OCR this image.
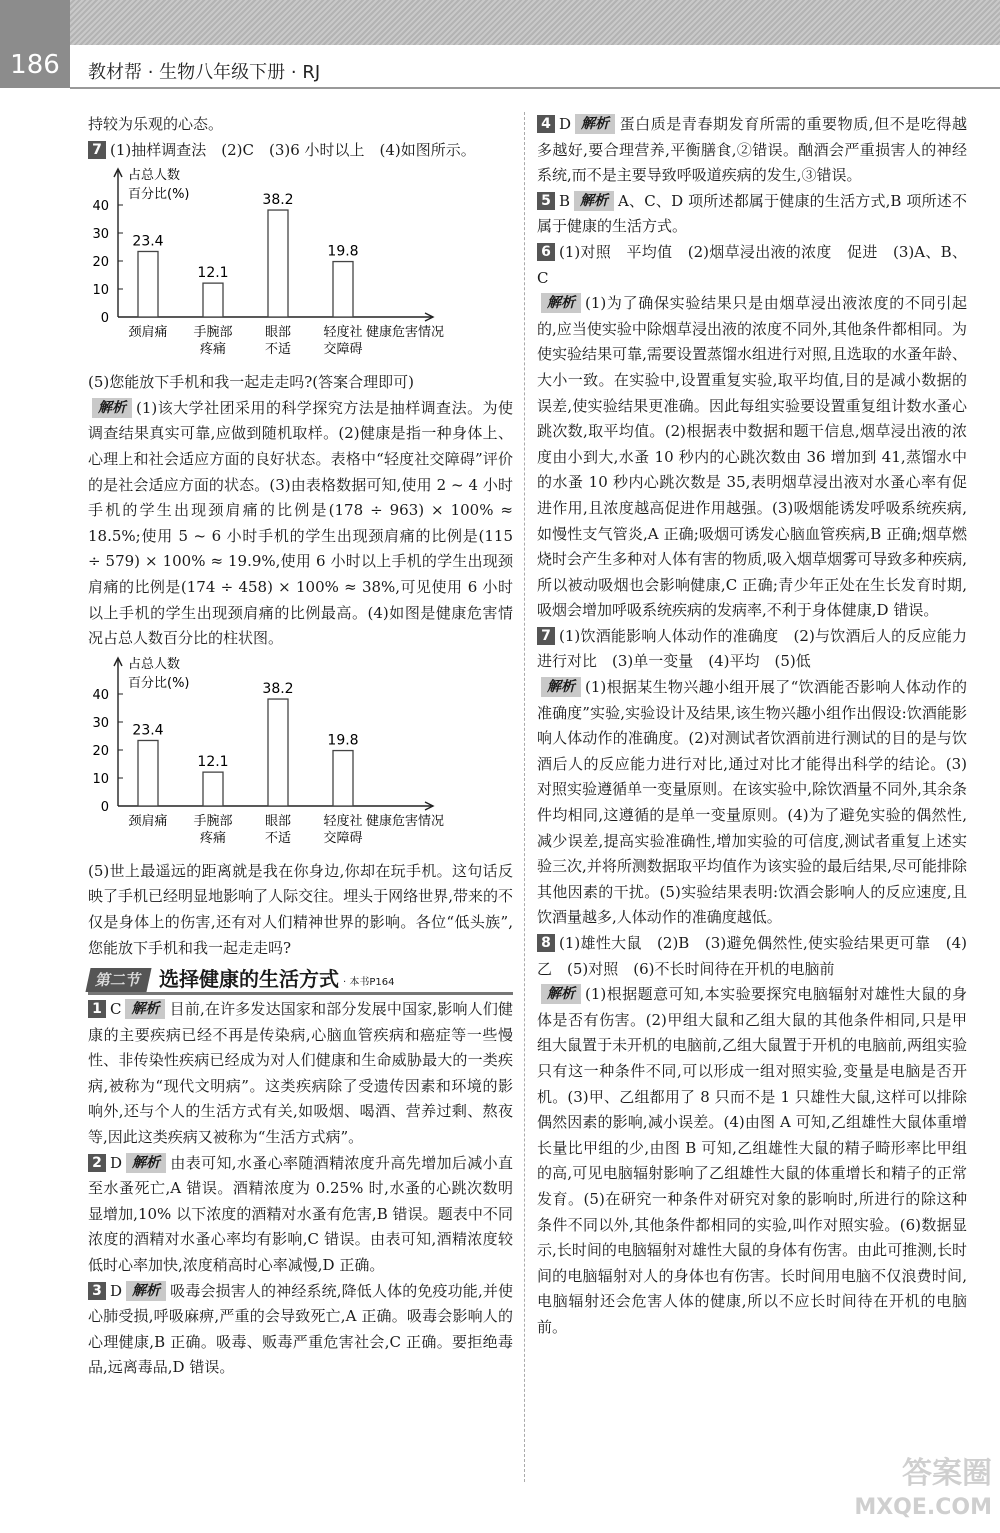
186	教材帮 · 生物八年级下册 · RJ

持较为乐观的心态。

7 (1)抽样调查法　(2)C　(3)6 小时以上　(4)如图所示。

占总人数
百分比(%)
0
10
20
30
40
23.4
颈肩痛
12.1
手腕部
疼痛
38.2
眼部
不适
19.8
轻度社
交障碍
健康危害情况

(5)您能放下手机和我一起走走吗?(答案合理即可)

解析 (1)该大学社团采用的科学探究方法是抽样调查法。为使调查结果真实可靠,应做到随机取样。(2)健康是指一种身体上、心理上和社会适应方面的良好状态。表格中“轻度社交障碍”评价的是社会适应方面的状态。(3)由表格数据可知,使用 2 ~ 4 小时手机的学生出现颈肩痛的比例是(178 ÷ 963) × 100% ≈ 18.5%;使用 5 ~ 6 小时手机的学生出现颈肩痛的比例是(115 ÷ 579) × 100% ≈ 19.9%,使用 6 小时以上手机的学生出现颈肩痛的比例是(174 ÷ 458) × 100% ≈ 38%,可见使用 6 小时以上手机的学生出现颈肩痛的比例最高。(4)如图是健康危害情况占总人数百分比的柱状图。

占总人数
百分比(%)
0
10
20
30
40
23.4
颈肩痛
12.1
手腕部
疼痛
38.2
眼部
不适
19.8
轻度社
交障碍
健康危害情况

(5)世上最遥远的距离就是我在你身边,你却在玩手机。这句话反映了手机已经明显地影响了人际交往。埋头于网络世界,带来的不仅是身体上的伤害,还有对人们精神世界的影响。各位“低头族”,您能放下手机和我一起走走吗?

第二节 选择健康的生活方式 · 本书P164

1 C 解析 目前,在许多发达国家和部分发展中国家,影响人们健康的主要疾病已经不再是传染病,心脑血管疾病和癌症等一些慢性、非传染性疾病已经成为对人们健康和生命威胁最大的一类疾病,被称为“现代文明病”。这类疾病除了受遗传因素和环境的影响外,还与个人的生活方式有关,如吸烟、喝酒、营养过剩、熬夜等,因此这类疾病又被称为“生活方式病”。

2 D 解析 由表可知,水蚤心率随酒精浓度升高先增加后减小直至水蚤死亡,A 错误。酒精浓度为 0.25% 时,水蚤的心跳次数明显增加,10% 以下浓度的酒精对水蚤有危害,B 错误。题表中不同浓度的酒精对水蚤心率均有影响,C 错误。由表可知,酒精浓度较低时心率加快,浓度稍高时心率减慢,D 正确。

3 D 解析 吸毒会损害人的神经系统,降低人体的免疫功能,并使心肺受损,呼吸麻痹,严重的会导致死亡,A 正确。吸毒会影响人的心理健康,B 正确。吸毒、贩毒严重危害社会,C 正确。要拒绝毒品,远离毒品,D 错误。

4 D 解析 蛋白质是青春期发育所需的重要物质,但不是吃得越多越好,要合理营养,平衡膳食,②错误。酗酒会严重损害人的神经系统,而不是主要导致呼吸道疾病的发生,③错误。

5 B 解析 A、C、D 项所述都属于健康的生活方式,B 项所述不属于健康的生活方式。

6 (1)对照　平均值　(2)烟草浸出液的浓度　促进　(3)A、B、C

解析 (1)为了确保实验结果只是由烟草浸出液浓度的不同引起的,应当使实验中除烟草浸出液的浓度不同外,其他条件都相同。为使实验结果可靠,需要设置蒸馏水组进行对照,且选取的水蚤年龄、大小一致。在实验中,设置重复实验,取平均值,目的是减小数据的误差,使实验结果更准确。因此每组实验要设置重复组计数水蚤心跳次数,取平均值。(2)根据表中数据和题干信息,烟草浸出液的浓度由小到大,水蚤 10 秒内的心跳次数由 36 增加到 41,蒸馏水中的水蚤 10 秒内心跳次数是 35,表明烟草浸出液对水蚤心率有促进作用,且浓度越高促进作用越强。(3)吸烟能诱发呼吸系统疾病,如慢性支气管炎,A 正确;吸烟可诱发心脑血管疾病,B 正确;烟草燃烧时会产生多种对人体有害的物质,吸入烟草烟雾可导致多种疾病,所以被动吸烟也会影响健康,C 正确;青少年正处在生长发育时期,吸烟会增加呼吸系统疾病的发病率,不利于身体健康,D 错误。

7 (1)饮酒能影响人体动作的准确度　(2)与饮酒后人的反应能力进行对比　(3)单一变量　(4)平均　(5)低

解析 (1)根据某生物兴趣小组开展了“饮酒能否影响人体动作的准确度”实验,实验设计及结果,该生物兴趣小组作出假设:饮酒能影响人体动作的准确度。(2)对测试者饮酒前进行测试的目的是与饮酒后人的反应能力进行对比,通过对比才能得出科学的结论。(3)对照实验遵循单一变量原则。在该实验中,除饮酒量不同外,其余条件均相同,这遵循的是单一变量原则。(4)为了避免实验的偶然性,减少误差,提高实验准确性,增加实验的可信度,测试者重复上述实验三次,并将所测数据取平均值作为该实验的最后结果,尽可能排除其他因素的干扰。(5)实验结果表明:饮酒会影响人的反应速度,且饮酒量越多,人体动作的准确度越低。

8 (1)雄性大鼠　(2)B　(3)避免偶然性,使实验结果更可靠　(4)乙　(5)对照　(6)不长时间待在开机的电脑前

解析 (1)根据题意可知,本实验要探究电脑辐射对雄性大鼠的身体是否有伤害。(2)甲组大鼠和乙组大鼠的其他条件相同,只是甲组大鼠置于未开机的电脑前,乙组大鼠置于开机的电脑前,两组实验只有这一种条件不同,可以形成一组对照实验,变量是电脑是否开机。(3)甲、乙组都用了 8 只而不是 1 只雄性大鼠,这样可以排除偶然因素的影响,减小误差。(4)由图 A 可知,乙组雄性大鼠体重增长量比甲组的少,由图 B 可知,乙组雄性大鼠的精子畸形率比甲组的高,可见电脑辐射影响了乙组雄性大鼠的体重增长和精子的正常发育。(5)在研究一种条件对研究对象的影响时,所进行的除这种条件不同以外,其他条件都相同的实验,叫作对照实验。(6)数据显示,长时间的电脑辐射对雄性大鼠的身体有伤害。由此可推测,长时间的电脑辐射对人的身体也有伤害。长时间用电脑不仅浪费时间,电脑辐射还会危害人体的健康,所以不应长时间待在开机的电脑前。

答案圈
MXQE.COM
